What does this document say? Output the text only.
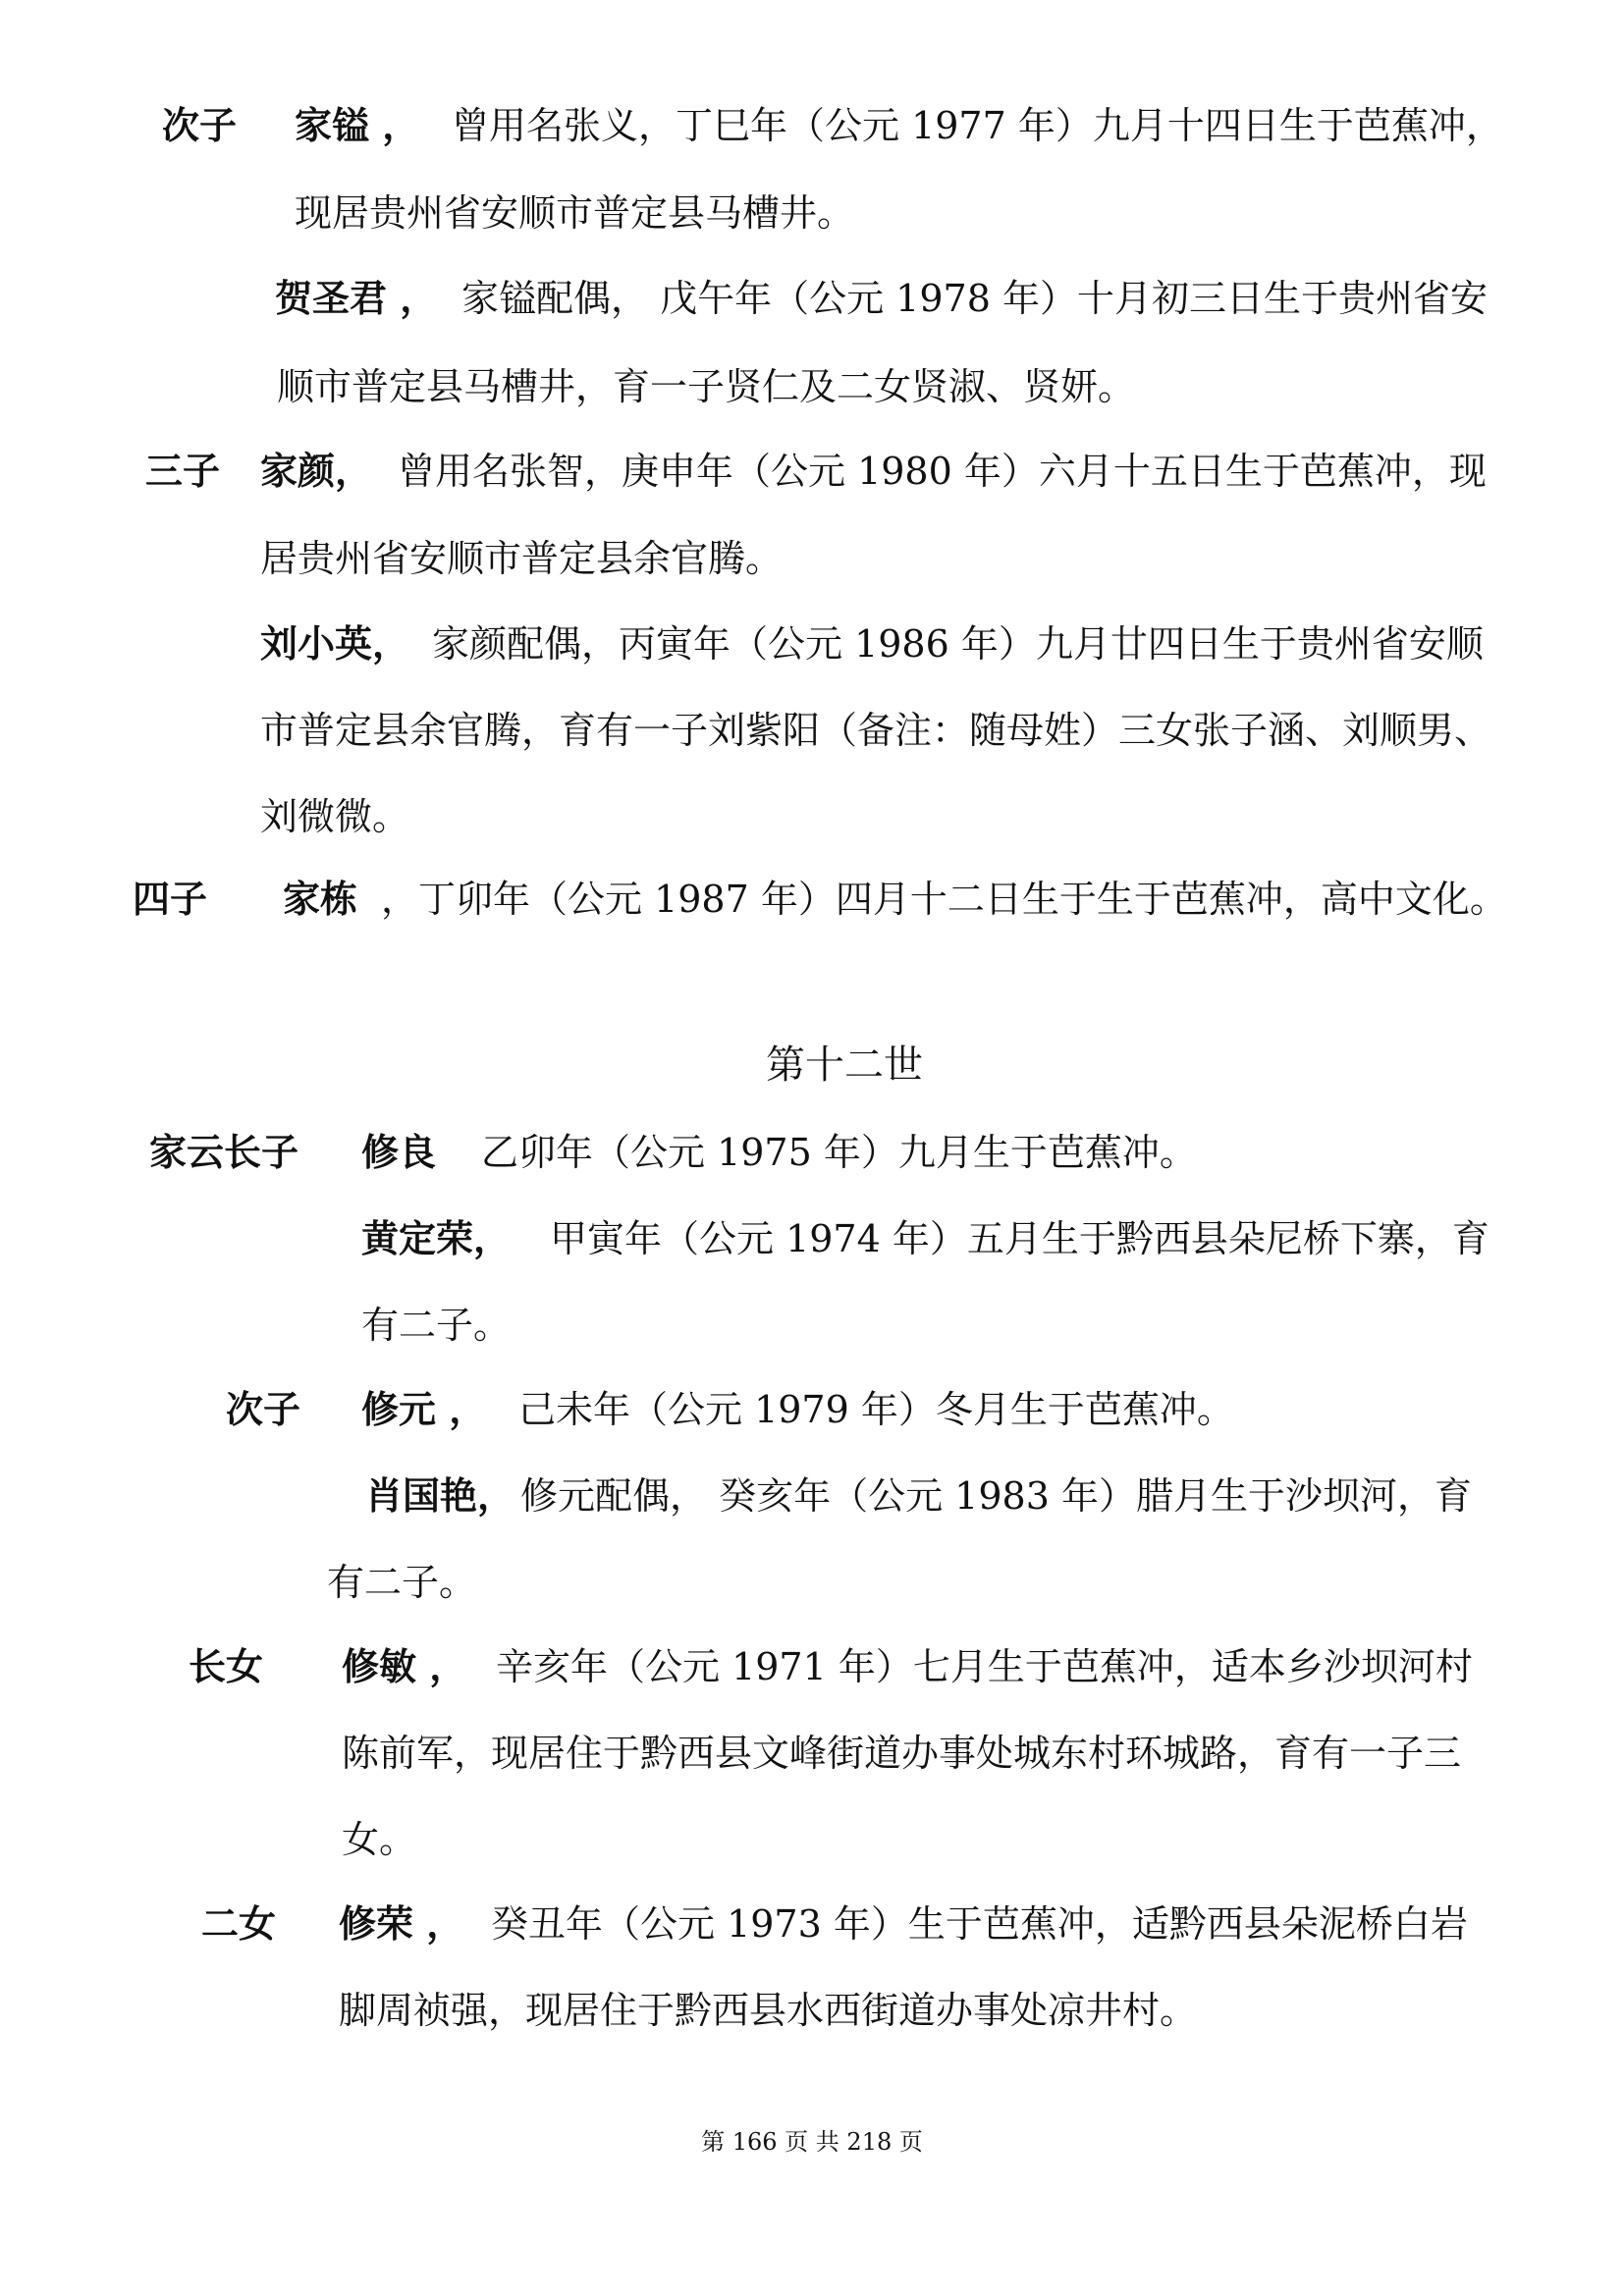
次子 家镒 ， 曾用名张义，丁巳年（公元 1977 年）九月十四日生于芭蕉冲，
现居贵州省安顺市普定县马槽井。
贺圣君 ， 家镒配偶， 戊午年（公元 1978 年）十月初三日生于贵州省安
顺市普定县马槽井，育一子贤仁及二女贤淑、贤妍。
三子 家颜， 曾用名张智，庚申年（公元 1980 年）六月十五日生于芭蕉冲，现
居贵州省安顺市普定县余官腾。
刘小英， 家颜配偶，丙寅年（公元 1986 年）九月廿四日生于贵州省安顺
市普定县余官腾，育有一子刘紫阳（备注：随母姓）三女张子涵、刘顺男、
刘微微。
四子 家栋 ，丁卯年（公元 1987 年）四月十二日生于生于芭蕉冲，高中文化。
第十二世
家云长子 修良 乙卯年（公元 1975 年）九月生于芭蕉冲。
黄定荣， 甲寅年（公元 1974 年）五月生于黔西县朵尼桥下寨，育
有二子。
次子 修元 ， 己未年（公元 1979 年）冬月生于芭蕉冲。
肖国艳， 修元配偶， 癸亥年（公元 1983 年）腊月生于沙坝河，育
有二子。
长女 修敏 ， 辛亥年（公元 1971 年）七月生于芭蕉冲，适本乡沙坝河村
陈前军，现居住于黔西县文峰街道办事处城东村环城路，育有一子三
女。
二女 修荣 ， 癸丑年（公元 1973 年）生于芭蕉冲，适黔西县朵泥桥白岩
脚周祯强，现居住于黔西县水西街道办事处凉井村。
第 166 页 共 218 页
